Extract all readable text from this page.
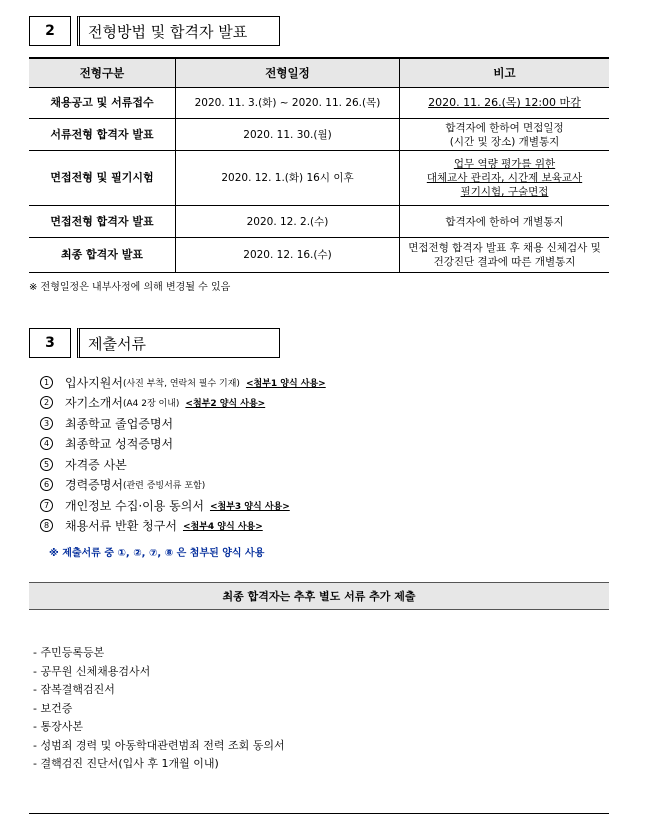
2	전형방법 및 합격자 발표
전형구분	전형일정	비고
채용공고 및 서류접수	2020. 11. 3.(화) ~ 2020. 11. 26.(목)	2020. 11. 26.(목) 12:00 마감

서류전형 합격자 발표	2020. 11. 30.(월)	합격자에 한하여 면접일정
(시간 및 장소) 개별통지

면접전형 및 필기시험	2020. 12. 1.(화) 16시 이후	업무 역량 평가를 위한
대체교사 관리자, 시간제 보육교사
필기시험, 구술면접

면접전형 합격자 발표	2020. 12. 2.(수)	합격자에 한하여 개별통지

최종 합격자 발표	2020. 12. 16.(수)	면접전형 합격자 발표 후 채용 신체검사 및
건강진단 결과에 따른 개별통지
※ 전형일정은 내부사정에 의해 변경될 수 있음
3	제출서류
1	입사지원서 (사진 부착, 연락처 필수 기재) <첨부1 양식 사용>
2	자기소개서 (A4 2장 이내) <첨부2 양식 사용>
3	최종학교 졸업증명서
4	최종학교 성적증명서
5	자격증 사본
6	경력증명서 (관련 증빙서류 포함)
7	개인정보 수집·이용 동의서 <첨부3 양식 사용>
8	채용서류 반환 청구서 <첨부4 양식 사용>
※ 제출서류 중 ①, ②, ⑦, ⑧ 은 첨부된 양식 사용
최종 합격자는 추후 별도 서류 추가 제출
- 주민등록등본
- 공무원 신체채용검사서
- 잠복결핵검진서
- 보건증
- 통장사본
- 성범죄 경력 및 아동학대관련범죄 전력 조회 동의서
- 결핵검진 진단서(입사 후 1개월 이내)
